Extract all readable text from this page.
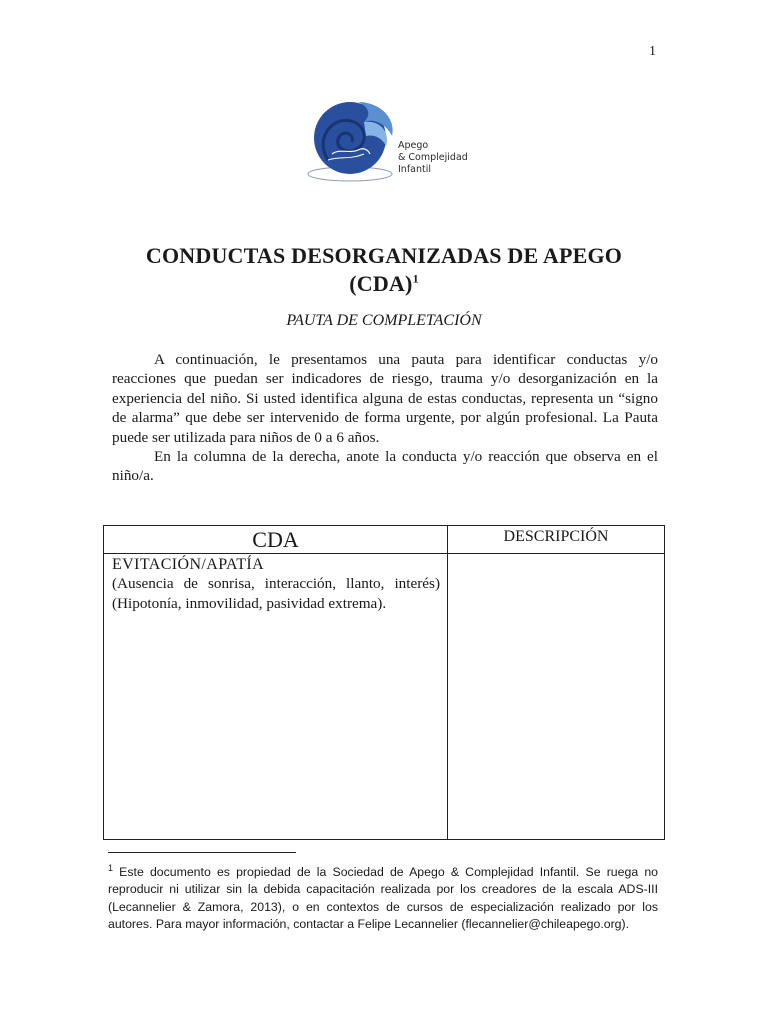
1
Apego
& Complejidad
Infantil
CONDUCTAS DESORGANIZADAS DE APEGO
(CDA)$^1$
PAUTA DE COMPLETACIÓN

A continuación, le presentamos una pauta para identificar conductas y/o reacciones que puedan ser indicadores de riesgo, trauma y/o desorganización en la experiencia del niño. Si usted identifica alguna de estas conductas, representa un “signo de alarma” que debe ser intervenido de forma urgente, por algún profesional. La Pauta puede ser utilizada para niños de 0 a 6 años.

En la columna de la derecha, anote la conducta y/o reacción que observa en el niño/a.

CDA	DESCRIPCIÓN
EVITACIÓN/APATÍA
(Ausencia de sonrisa, interacción, llanto, interés)
(Hipotonía, inmovilidad, pasividad extrema).
$^1$ Este documento es propiedad de la Sociedad de Apego & Complejidad Infantil. Se ruega no reproducir ni utilizar sin la debida capacitación realizada por los creadores de la escala ADS-III (Lecannelier & Zamora, 2013), o en contextos de cursos de especialización realizado por los autores. Para mayor información, contactar a Felipe Lecannelier (flecannelier@chileapego.org).
